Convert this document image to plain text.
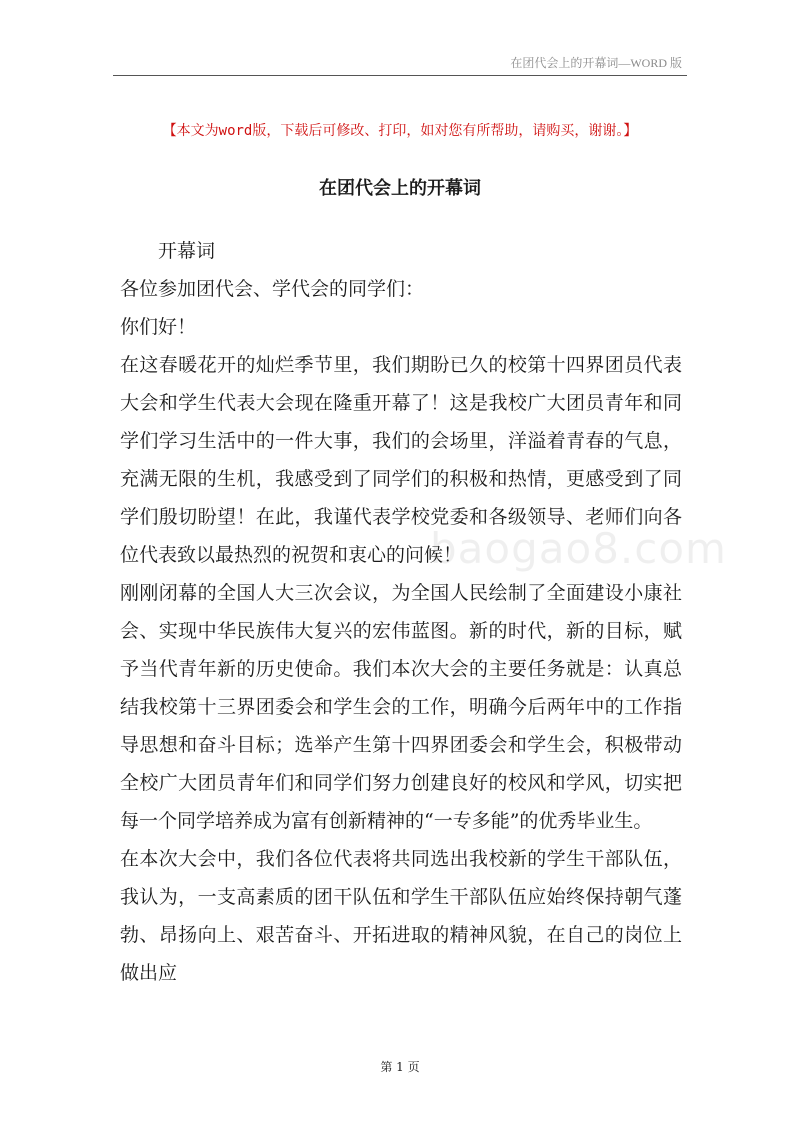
在团代会上的开幕词—WORD 版
【本文为word版，下载后可修改、打印，如对您有所帮助，请购买，谢谢。】
在团代会上的开幕词
baogao8.com

　　开幕词

各位参加团代会、学代会的同学们：

你们好！

在这春暖花开的灿烂季节里，我们期盼已久的校第十四界团员代表大会和学生代表大会现在隆重开幕了！这是我校广大团员青年和同学们学习生活中的一件大事，我们的会场里，洋溢着青春的气息，充满无限的生机，我感受到了同学们的积极和热情，更感受到了同学们殷切盼望！在此，我谨代表学校党委和各级领导、老师们向各位代表致以最热烈的祝贺和衷心的问候！

刚刚闭幕的全国人大三次会议，为全国人民绘制了全面建设小康社会、实现中华民族伟大复兴的宏伟蓝图。新的时代，新的目标，赋予当代青年新的历史使命。我们本次大会的主要任务就是：认真总结我校第十三界团委会和学生会的工作，明确今后两年中的工作指导思想和奋斗目标；选举产生第十四界团委会和学生会，积极带动全校广大团员青年们和同学们努力创建良好的校风和学风，切实把每一个同学培养成为富有创新精神的“一专多能”的优秀毕业生。

在本次大会中，我们各位代表将共同选出我校新的学生干部队伍，我认为，一支高素质的团干队伍和学生干部队伍应始终保持朝气蓬勃、昂扬向上、艰苦奋斗、开拓进取的精神风貌，在自己的岗位上做出应

第 1 页
